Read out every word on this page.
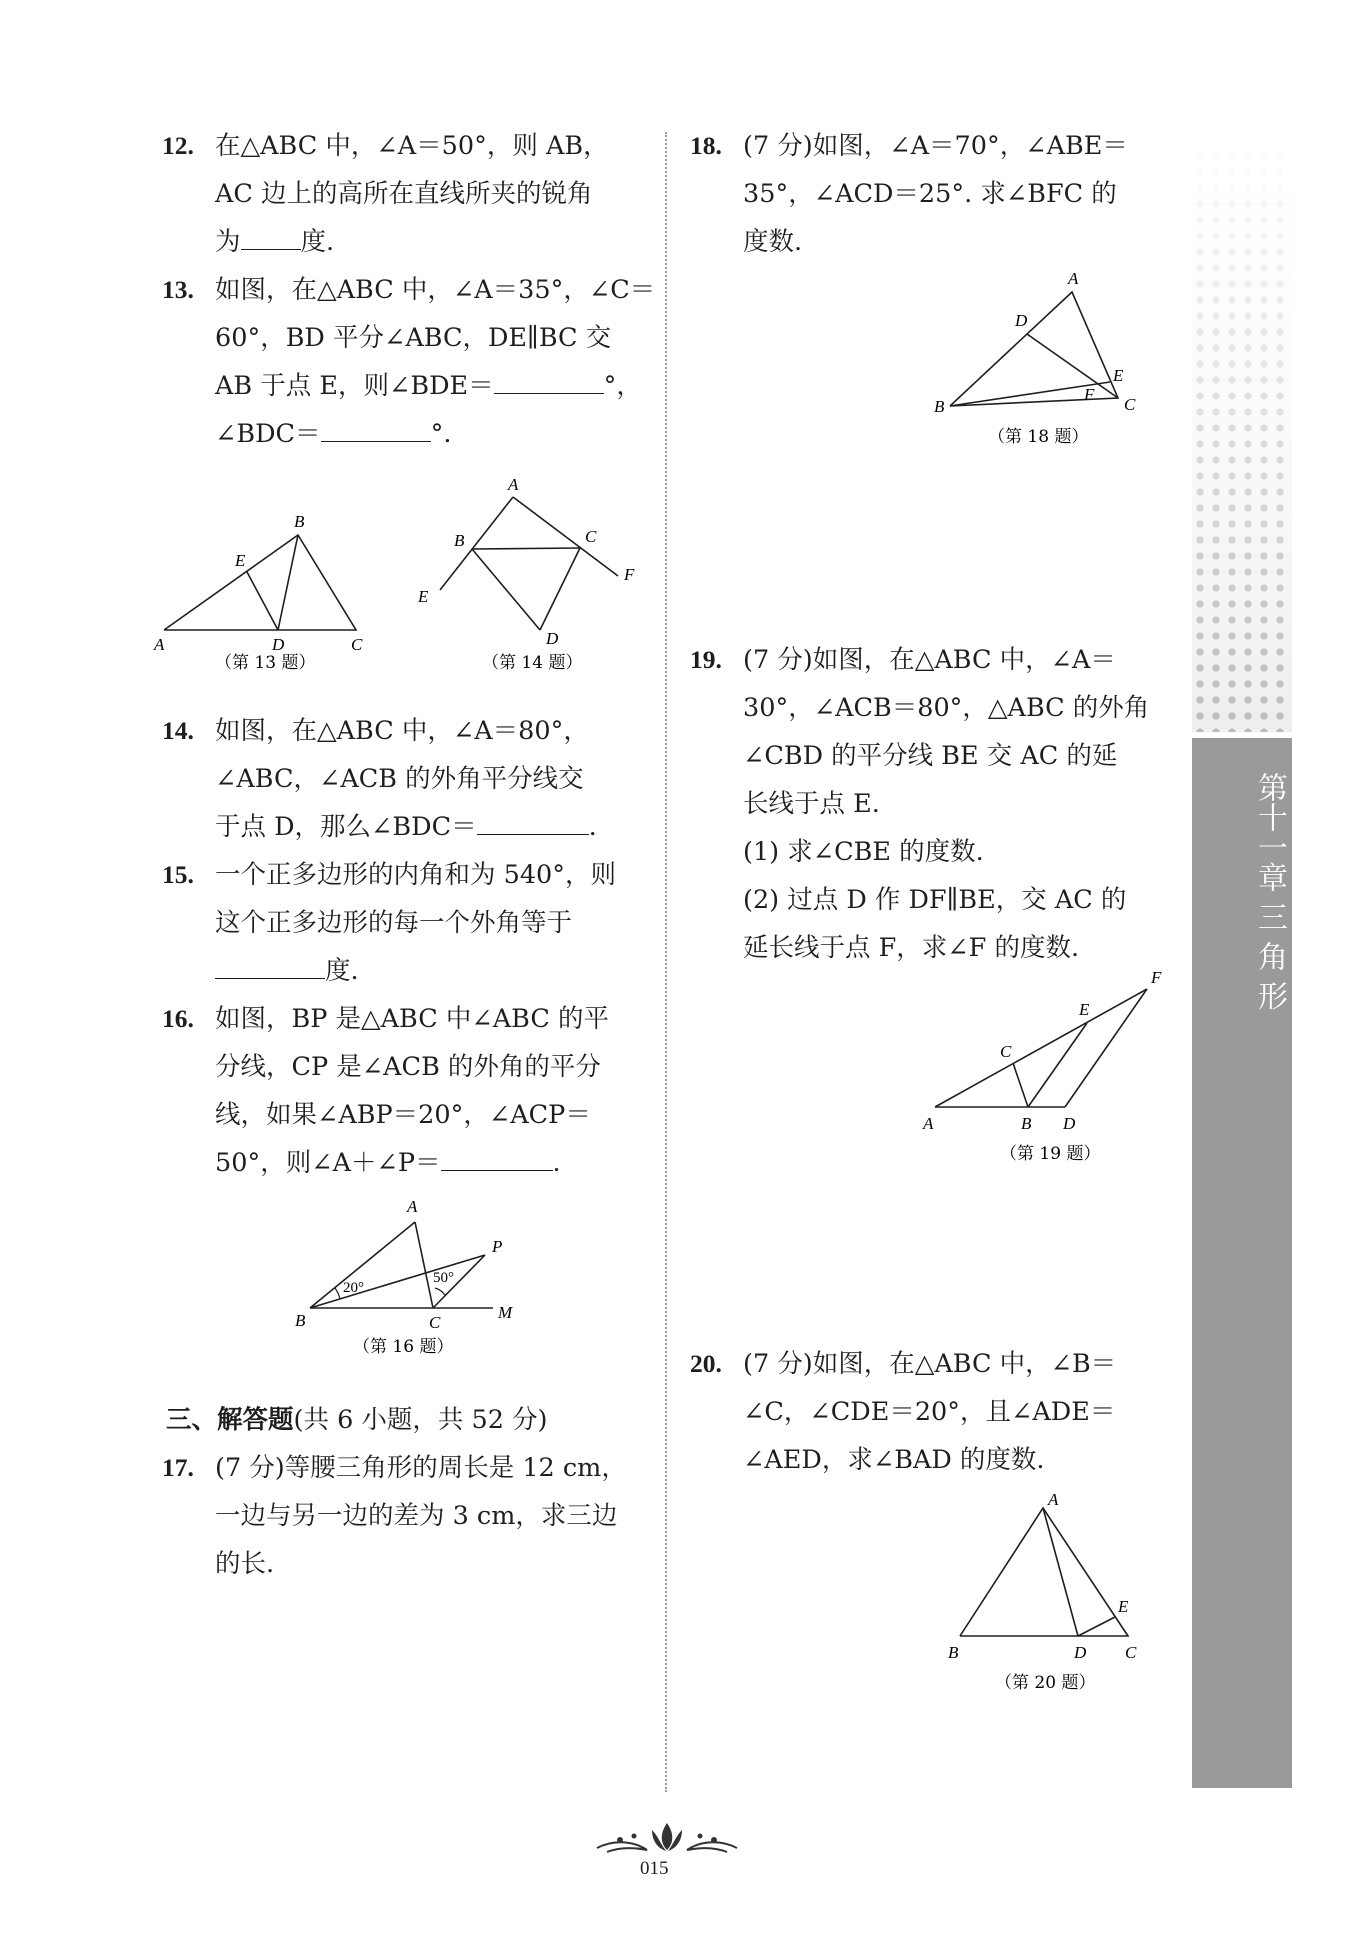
12. 在△ABC 中，∠A＝50°，则 AB，
AC 边上的高所在直线所夹的锐角
为 度.
13. 如图，在△ABC 中，∠A＝35°，∠C＝
60°，BD 平分∠ABC，DE∥BC 交
AB 于点 E，则∠BDE＝	°，
∠BDC＝	°.
A
B
C
D
E
（第 13 题）
A
B	C
D
E
F
（第 14 题）
14. 如图，在△ABC 中，∠A＝80°，
∠ABC，∠ACB 的外角平分线交
于点 D，那么∠BDC＝	.
15. 一个正多边形的内角和为 540°，则
这个正多边形的每一个外角等于
度.
16. 如图，BP 是△ABC 中∠ABC 的平
分线，CP 是∠ACB 的外角的平分
线，如果∠ABP＝20°，∠ACP＝
50°，则∠A＋∠P＝	.
20°
50°
A
B	C
P
M
（第 16 题）
三、解答题(共 6 小题，共 52 分)
17. (7 分)等腰三角形的周长是 12 cm，
一边与另一边的差为 3 cm，求三边
的长.
18. (7 分)如图，∠A＝70°，∠ABE＝
35°，∠ACD＝25°. 求∠BFC 的
度数.
A
B	C
D
E
F
（第 18 题）
19. (7 分)如图，在△ABC 中，∠A＝
30°，∠ACB＝80°，△ABC 的外角
∠CBD 的平分线 BE 交 AC 的延
长线于点 E.
(1) 求∠CBE 的度数.
(2) 过点 D 作 DF∥BE，交 AC 的
延长线于点 F，求∠F 的度数.
A	B
C
D
E
F
（第 19 题）
20. (7 分)如图，在△ABC 中，∠B＝
∠C，∠CDE＝20°，且∠ADE＝
∠AED，求∠BAD 的度数.
A
B	C
D
E
（第 20 题）
第十一章 三 角 形
015
